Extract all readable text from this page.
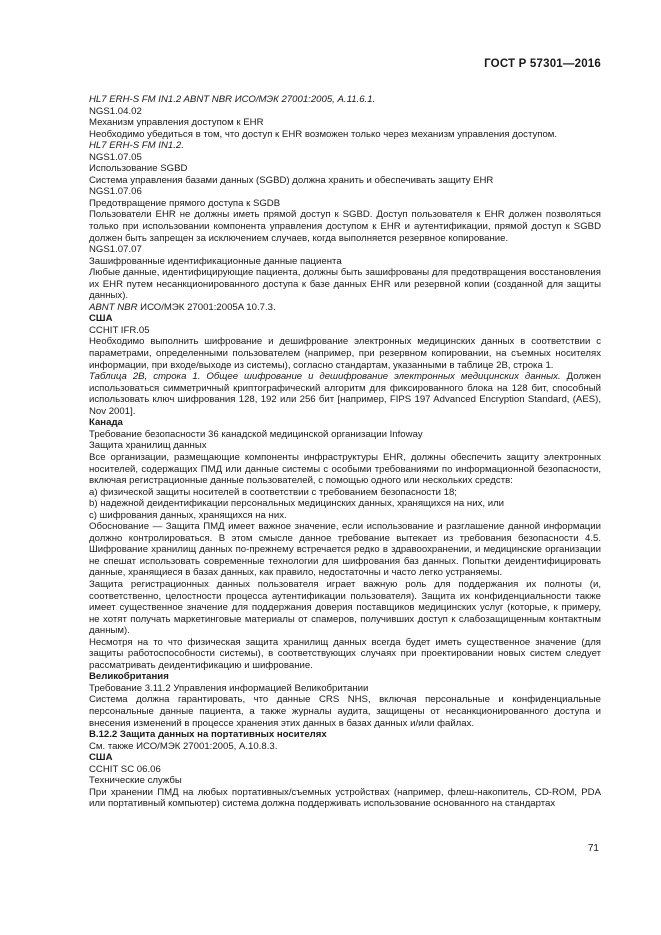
ГОСТ Р 57301—2016

HL7 ERH-S FM IN1.2 ABNT NBR ИСО/МЭК 27001:2005, A.11.6.1.

NGS1.04.02

Механизм управления доступом к EHR

Необходимо убедиться в том, что доступ к EHR возможен только через механизм управления доступом.

HL7 ERH-S FM IN1.2.

NGS1.07.05

Использование SGBD

Система управления базами данных (SGBD) должна хранить и обеспечивать защиту EHR

NGS1.07.06

Предотвращение прямого доступа к SGDB

Пользователи EHR не должны иметь прямой доступ к SGBD. Доступ пользователя к EHR должен позволяться только при использовании компонента управления доступом к EHR и аутентификации, прямой доступ к SGBD должен быть запрещен за исключением случаев, когда выполняется резервное копирование.

NGS1.07.07

Зашифрованные идентификационные данные пациента

Любые данные, идентифицирующие пациента, должны быть зашифрованы для предотвращения восстановления их EHR путем несанкционированного доступа к базе данных EHR или резервной копии (созданной для защиты данных).

ABNT NBR ИСО/МЭК 27001:2005A 10.7.3.

США

CCHIT IFR.05

Необходимо выполнить шифрование и дешифрование электронных медицинских данных в соответствии с параметрами, определенными пользователем (например, при резервном копировании, на съемных носителях информации, при входе/выходе из системы), согласно стандартам, указанными в таблице 2B, строка 1.

Таблица 2B, строка 1. Общее шифрование и дешифрование электронных медицинских данных. Должен использоваться симметричный криптографический алгоритм для фиксированного блока на 128 бит, способный использовать ключ шифрования 128, 192 или 256 бит [например, FIPS 197 Advanced Encryption Standard, (AES), Nov 2001].

Канада

Требование безопасности 36 канадской медицинской организации Infoway

Защита хранилищ данных

Все организации, размещающие компоненты инфраструктуры EHR, должны обеспечить защиту электронных носителей, содержащих ПМД или данные системы с особыми требованиями по информационной безопасности, включая регистрационные данные пользователей, с помощью одного или нескольких средств:

a) физической защиты носителей в соответствии с требованием безопасности 18;

b) надежной деидентификации персональных медицинских данных, хранящихся на них, или

c) шифрования данных, хранящихся на них.

Обоснование — Защита ПМД имеет важное значение, если использование и разглашение данной информации должно контролироваться. В этом смысле данное требование вытекает из требования безопасности 4.5. Шифрование хранилищ данных по-прежнему встречается редко в здравоохранении, и медицинские организации не спешат использовать современные технологии для шифрования баз данных. Попытки деидентифицировать данные, хранящиеся в базах данных, как правило, недостаточны и часто легко устраняемы.

Защита регистрационных данных пользователя играет важную роль для поддержания их полноты (и, соответственно, целостности процесса аутентификации пользователя). Защита их конфиденциальности также имеет существенное значение для поддержания доверия поставщиков медицинских услуг (которые, к примеру, не хотят получать маркетинговые материалы от спамеров, получивших доступ к слабозащищенным контактным данным).

Несмотря на то что физическая защита хранилищ данных всегда будет иметь существенное значение (для защиты работоспособности системы), в соответствующих случаях при проектировании новых систем следует рассматривать деидентификацию и шифрование.

Великобритания

Требование 3.11.2 Управления информацией Великобритании

Система должна гарантировать, что данные CRS NHS, включая персональные и конфиденциальные персональные данные пациента, а также журналы аудита, защищены от несанкционированного доступа и внесения изменений в процессе хранения этих данных в базах данных и/или файлах.

B.12.2 Защита данных на портативных носителях

См. также ИСО/МЭК 27001:2005, A.10.8.3.

США

CCHIT SC 06.06

Технические службы

При хранении ПМД на любых портативных/съемных устройствах (например, флеш-накопитель, CD-ROM, PDA или портативный компьютер) система должна поддерживать использование основанного на стандартах

71
